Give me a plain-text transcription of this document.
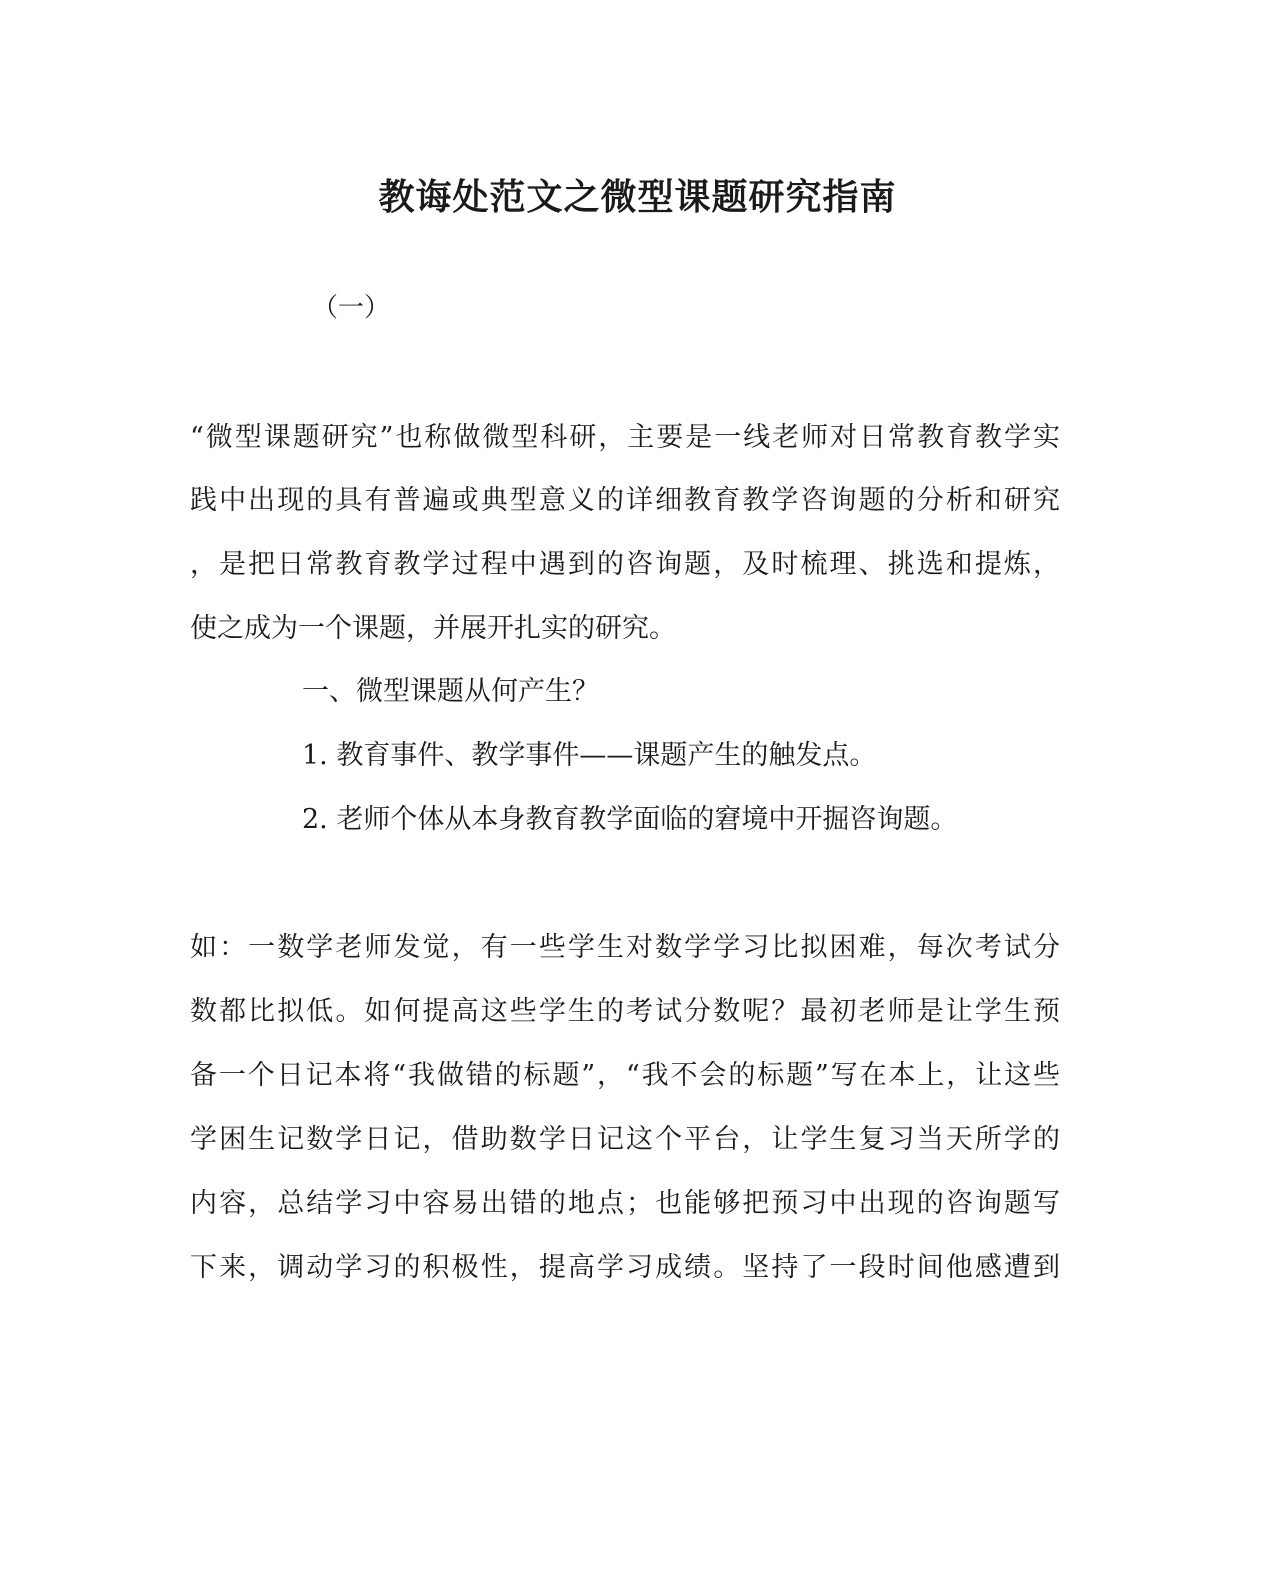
教诲处范文之微型课题研究指南

（一）

“微型课题研究”也称做微型科研，主要是一线老师对日常教育教学实

践中出现的具有普遍或典型意义的详细教育教学咨询题的分析和研究

，是把日常教育教学过程中遇到的咨询题，及时梳理、挑选和提炼，

使之成为一个课题，并展开扎实的研究。

一、微型课题从何产生？

1. 教育事件、教学事件——课题产生的触发点。

2. 老师个体从本身教育教学面临的窘境中开掘咨询题。

如：一数学老师发觉，有一些学生对数学学习比拟困难，每次考试分

数都比拟低。如何提高这些学生的考试分数呢？最初老师是让学生预

备一个日记本将“我做错的标题”，“我不会的标题”写在本上，让这些

学困生记数学日记，借助数学日记这个平台，让学生复习当天所学的

内容，总结学习中容易出错的地点；也能够把预习中出现的咨询题写

下来，调动学习的积极性，提高学习成绩。坚持了一段时间他感遭到
